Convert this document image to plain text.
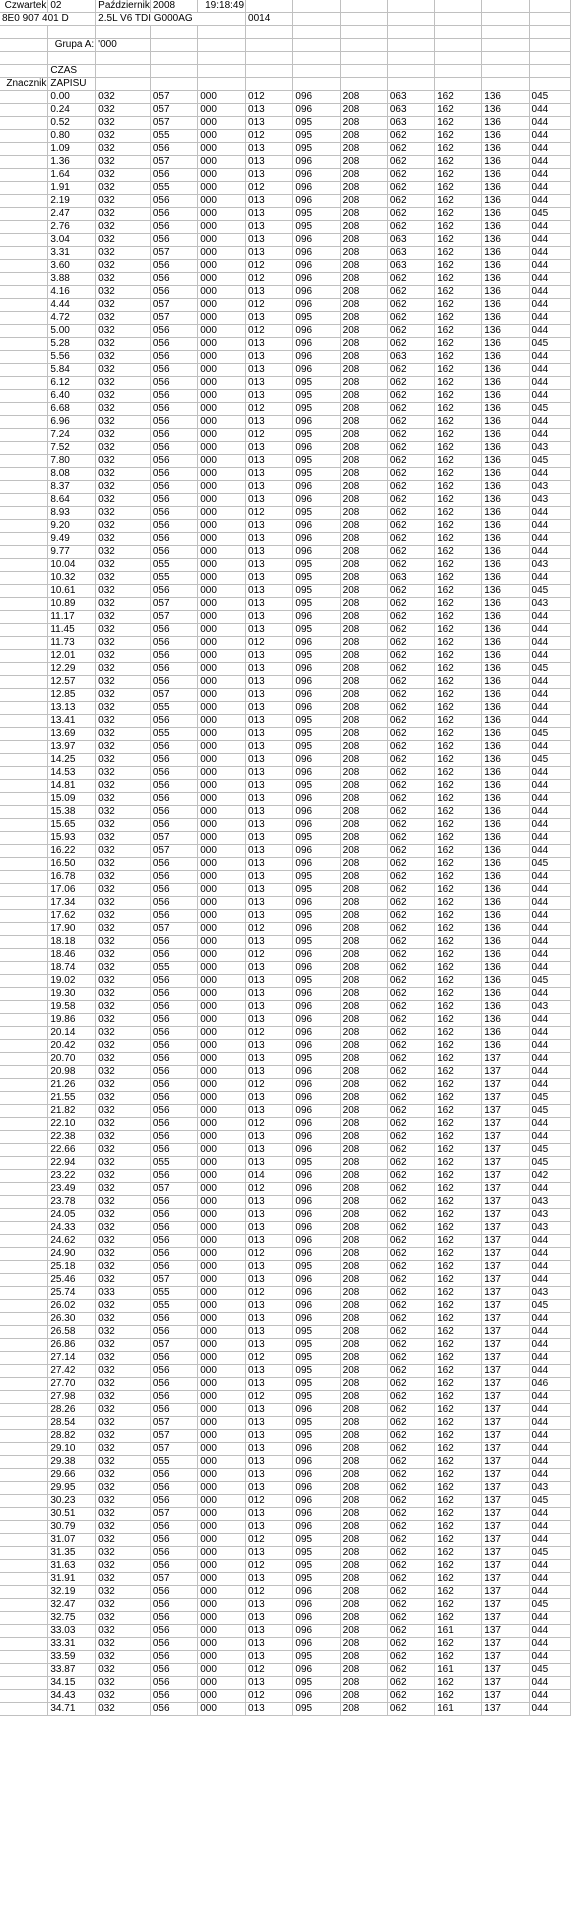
Czwartek	02	Październik	2008	19:18:49							
8E0 907 401 D		2.5L V6 TDI G000AG			0014						

	Grupa A:	'000									

	CZAS										
Znacznik	ZAPISU										
	0.00	032	057	000	012	096	208	063	162	136	045
	0.24	032	057	000	013	096	208	063	162	136	044
	0.52	032	057	000	013	095	208	063	162	136	044
	0.80	032	055	000	012	095	208	062	162	136	044
	1.09	032	056	000	013	095	208	062	162	136	044
	1.36	032	057	000	013	096	208	062	162	136	044
	1.64	032	056	000	013	096	208	062	162	136	044
	1.91	032	055	000	012	096	208	062	162	136	044
	2.19	032	056	000	013	096	208	062	162	136	044
	2.47	032	056	000	013	095	208	062	162	136	045
	2.76	032	056	000	013	095	208	062	162	136	044
	3.04	032	056	000	013	096	208	063	162	136	044
	3.31	032	057	000	013	096	208	063	162	136	044
	3.60	032	056	000	012	096	208	063	162	136	044
	3.88	032	056	000	012	096	208	062	162	136	044
	4.16	032	056	000	013	096	208	062	162	136	044
	4.44	032	057	000	012	096	208	062	162	136	044
	4.72	032	057	000	013	095	208	062	162	136	044
	5.00	032	056	000	012	096	208	062	162	136	044
	5.28	032	056	000	013	096	208	062	162	136	045
	5.56	032	056	000	013	096	208	063	162	136	044
	5.84	032	056	000	013	096	208	062	162	136	044
	6.12	032	056	000	013	095	208	062	162	136	044
	6.40	032	056	000	013	095	208	062	162	136	044
	6.68	032	056	000	012	095	208	062	162	136	045
	6.96	032	056	000	013	096	208	062	162	136	044
	7.24	032	056	000	012	095	208	062	162	136	044
	7.52	032	056	000	013	096	208	062	162	136	043
	7.80	032	056	000	013	095	208	062	162	136	045
	8.08	032	056	000	013	095	208	062	162	136	044
	8.37	032	056	000	013	096	208	062	162	136	043
	8.64	032	056	000	013	096	208	062	162	136	043
	8.93	032	056	000	012	095	208	062	162	136	044
	9.20	032	056	000	013	096	208	062	162	136	044
	9.49	032	056	000	013	096	208	062	162	136	044
	9.77	032	056	000	013	096	208	062	162	136	044
	10.04	032	055	000	013	095	208	062	162	136	043
	10.32	032	055	000	013	095	208	063	162	136	044
	10.61	032	056	000	013	095	208	062	162	136	045
	10.89	032	057	000	013	095	208	062	162	136	043
	11.17	032	057	000	013	096	208	062	162	136	044
	11.45	032	056	000	013	095	208	062	162	136	044
	11.73	032	056	000	012	096	208	062	162	136	044
	12.01	032	056	000	013	095	208	062	162	136	044
	12.29	032	056	000	013	096	208	062	162	136	045
	12.57	032	056	000	013	096	208	062	162	136	044
	12.85	032	057	000	013	096	208	062	162	136	044
	13.13	032	055	000	013	096	208	062	162	136	044
	13.41	032	056	000	013	095	208	062	162	136	044
	13.69	032	055	000	013	095	208	062	162	136	045
	13.97	032	056	000	013	095	208	062	162	136	044
	14.25	032	056	000	013	096	208	062	162	136	045
	14.53	032	056	000	013	096	208	062	162	136	044
	14.81	032	056	000	013	095	208	062	162	136	044
	15.09	032	056	000	013	096	208	062	162	136	044
	15.38	032	056	000	013	096	208	062	162	136	044
	15.65	032	056	000	013	096	208	062	162	136	044
	15.93	032	057	000	013	095	208	062	162	136	044
	16.22	032	057	000	013	096	208	062	162	136	044
	16.50	032	056	000	013	096	208	062	162	136	045
	16.78	032	056	000	013	095	208	062	162	136	044
	17.06	032	056	000	013	095	208	062	162	136	044
	17.34	032	056	000	013	096	208	062	162	136	044
	17.62	032	056	000	013	095	208	062	162	136	044
	17.90	032	057	000	012	096	208	062	162	136	044
	18.18	032	056	000	013	095	208	062	162	136	044
	18.46	032	056	000	012	096	208	062	162	136	044
	18.74	032	055	000	013	096	208	062	162	136	044
	19.02	032	056	000	013	095	208	062	162	136	045
	19.30	032	056	000	013	096	208	062	162	136	044
	19.58	032	056	000	013	096	208	062	162	136	043
	19.86	032	056	000	013	096	208	062	162	136	044
	20.14	032	056	000	012	096	208	062	162	136	044
	20.42	032	056	000	013	096	208	062	162	136	044
	20.70	032	056	000	013	095	208	062	162	137	044
	20.98	032	056	000	013	096	208	062	162	137	044
	21.26	032	056	000	012	096	208	062	162	137	044
	21.55	032	056	000	013	096	208	062	162	137	045
	21.82	032	056	000	013	096	208	062	162	137	045
	22.10	032	056	000	012	096	208	062	162	137	044
	22.38	032	056	000	013	096	208	062	162	137	044
	22.66	032	056	000	013	096	208	062	162	137	045
	22.94	032	055	000	013	095	208	062	162	137	045
	23.22	032	056	000	014	096	208	062	162	137	042
	23.49	032	057	000	012	096	208	062	162	137	044
	23.78	032	056	000	013	096	208	062	162	137	043
	24.05	032	056	000	013	096	208	062	162	137	043
	24.33	032	056	000	013	096	208	062	162	137	043
	24.62	032	056	000	013	096	208	062	162	137	044
	24.90	032	056	000	012	096	208	062	162	137	044
	25.18	032	056	000	013	095	208	062	162	137	044
	25.46	032	057	000	013	096	208	062	162	137	044
	25.74	033	055	000	012	096	208	062	162	137	043
	26.02	032	055	000	013	096	208	062	162	137	045
	26.30	032	056	000	013	096	208	062	162	137	044
	26.58	032	056	000	013	095	208	062	162	137	044
	26.86	032	057	000	013	095	208	062	162	137	044
	27.14	032	056	000	012	095	208	062	162	137	044
	27.42	032	056	000	013	095	208	062	162	137	044
	27.70	032	056	000	013	095	208	062	162	137	046
	27.98	032	056	000	012	095	208	062	162	137	044
	28.26	032	056	000	013	096	208	062	162	137	044
	28.54	032	057	000	013	095	208	062	162	137	044
	28.82	032	057	000	013	095	208	062	162	137	044
	29.10	032	057	000	013	096	208	062	162	137	044
	29.38	032	055	000	013	096	208	062	162	137	044
	29.66	032	056	000	013	096	208	062	162	137	044
	29.95	032	056	000	013	096	208	062	162	137	043
	30.23	032	056	000	012	096	208	062	162	137	045
	30.51	032	057	000	013	096	208	062	162	137	044
	30.79	032	056	000	013	096	208	062	162	137	044
	31.07	032	056	000	012	095	208	062	162	137	044
	31.35	032	056	000	013	095	208	062	162	137	045
	31.63	032	056	000	012	095	208	062	162	137	044
	31.91	032	057	000	013	095	208	062	162	137	044
	32.19	032	056	000	012	096	208	062	162	137	044
	32.47	032	056	000	013	096	208	062	162	137	045
	32.75	032	056	000	013	096	208	062	162	137	044
	33.03	032	056	000	013	096	208	062	161	137	044
	33.31	032	056	000	013	096	208	062	162	137	044
	33.59	032	056	000	013	095	208	062	162	137	044
	33.87	032	056	000	012	096	208	062	161	137	045
	34.15	032	056	000	013	095	208	062	162	137	044
	34.43	032	056	000	012	096	208	062	162	137	044
	34.71	032	056	000	013	095	208	062	161	137	044
